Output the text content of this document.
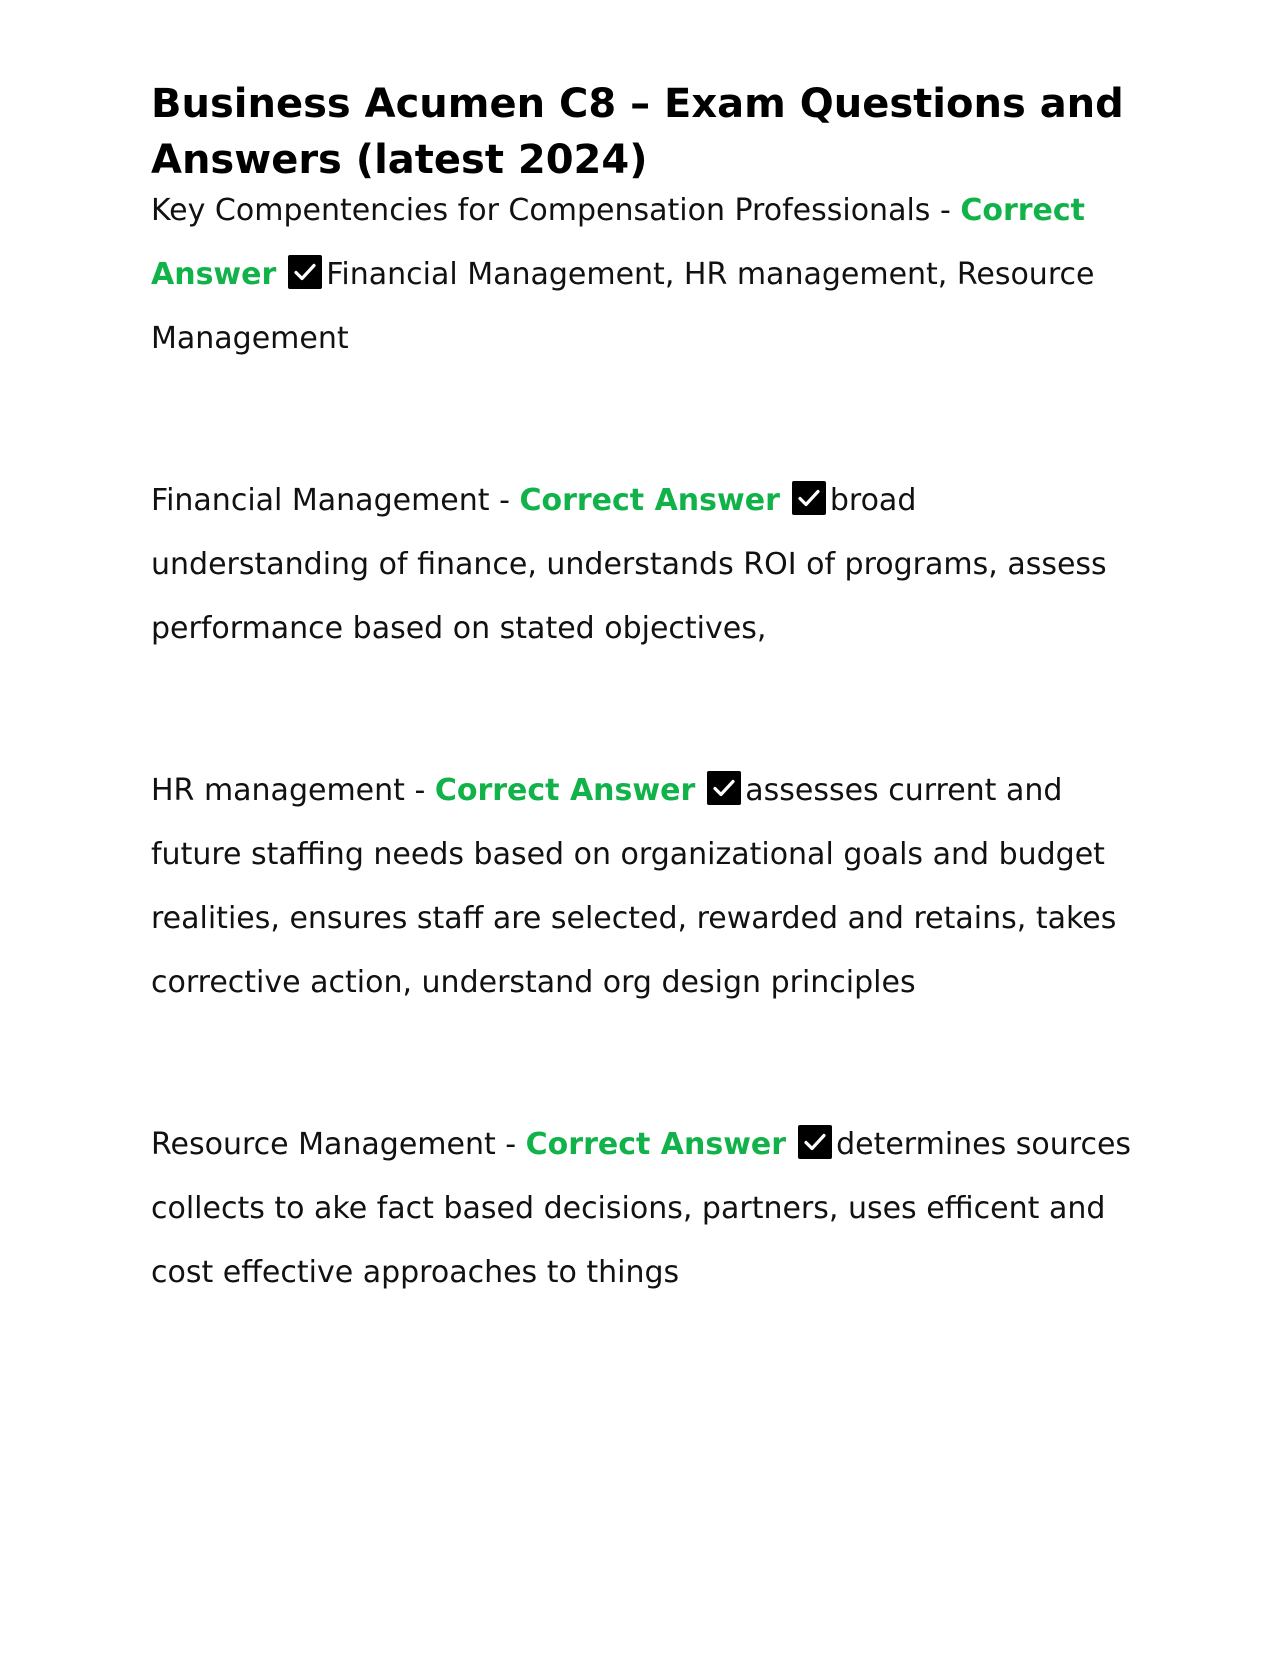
Business Acumen C8 – Exam Questions and Answers (latest 2024)

Key Compentencies for Compensation Professionals - Correct Answer Financial Management, HR management, Resource Management

Financial Management - Correct Answer broad understanding of finance, understands ROI of programs, assess performance based on stated objectives,

HR management - Correct Answer assesses current and future staffing needs based on organizational goals and budget realities, ensures staff are selected, rewarded and retains, takes corrective action, understand org design principles

Resource Management - Correct Answer determines sources collects to ake fact based decisions, partners, uses efficent and cost effective approaches to things
